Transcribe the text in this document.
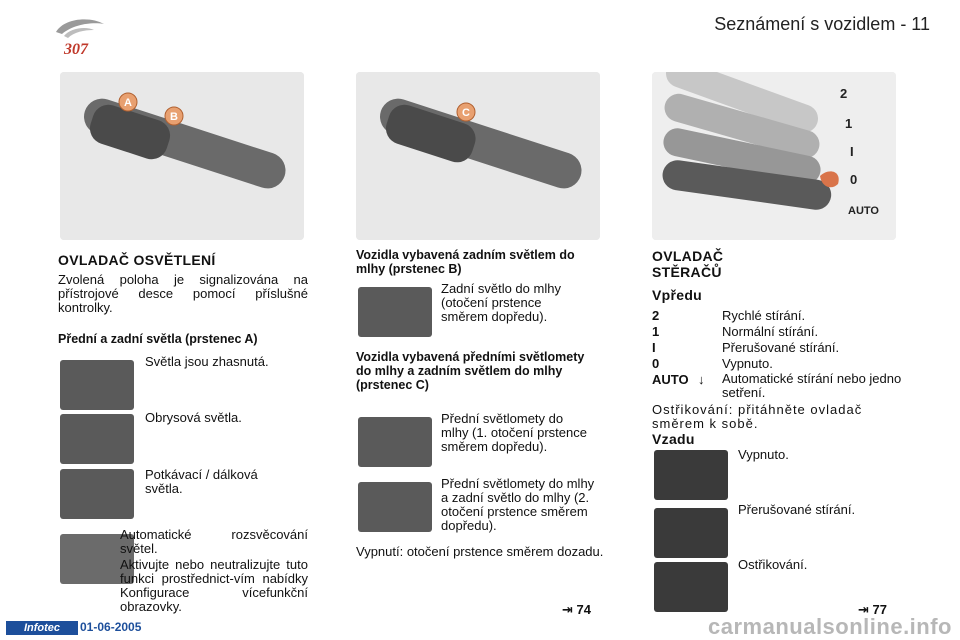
307
Seznámení s vozidlem - 11
A
B	C
2
1
I
0
AUTO
OVLADAČ OSVĚTLENÍ
Zvolená poloha je signalizována na přístrojové desce pomocí příslušné kontrolky.
Přední a zadní světla (prstenec A)
Světla jsou zhasnutá.
Obrysová světla.
Potkávací / dálková světla.
Automatické rozsvěcování světel.
Aktivujte nebo neutralizujte tuto funkci prostřednict-vím nabídky Konfigurace vícefunkční obrazovky.
Vozidla vybavená zadním světlem do mlhy (prstenec B)
Zadní světlo do mlhy (otočení prstence směrem dopředu).
Vozidla vybavená předními světlomety do mlhy a zadním světlem do mlhy (prstenec C)
Přední světlomety do mlhy (1. otočení prstence směrem dopředu).
Přední světlomety do mlhy a zadní světlo do mlhy (2. otočení prstence směrem dopředu).
Vypnutí: otočení prstence směrem dozadu.
⇥ 74
OVLADAČ STĚRAČŮ
Vpředu
2	Rychlé stírání.
1	Normální stírání.
I	Přerušované stírání.
0	Vypnuto.
AUTO ↓ Automatické stírání nebo jedno setření.
Ostřikování: přitáhněte ovladač směrem k sobě.
Vzadu
Vypnuto.
Přerušované stírání.
Ostřikování.
⇥ 77
Infotec	01-06-2005	carmanualsonline.info
